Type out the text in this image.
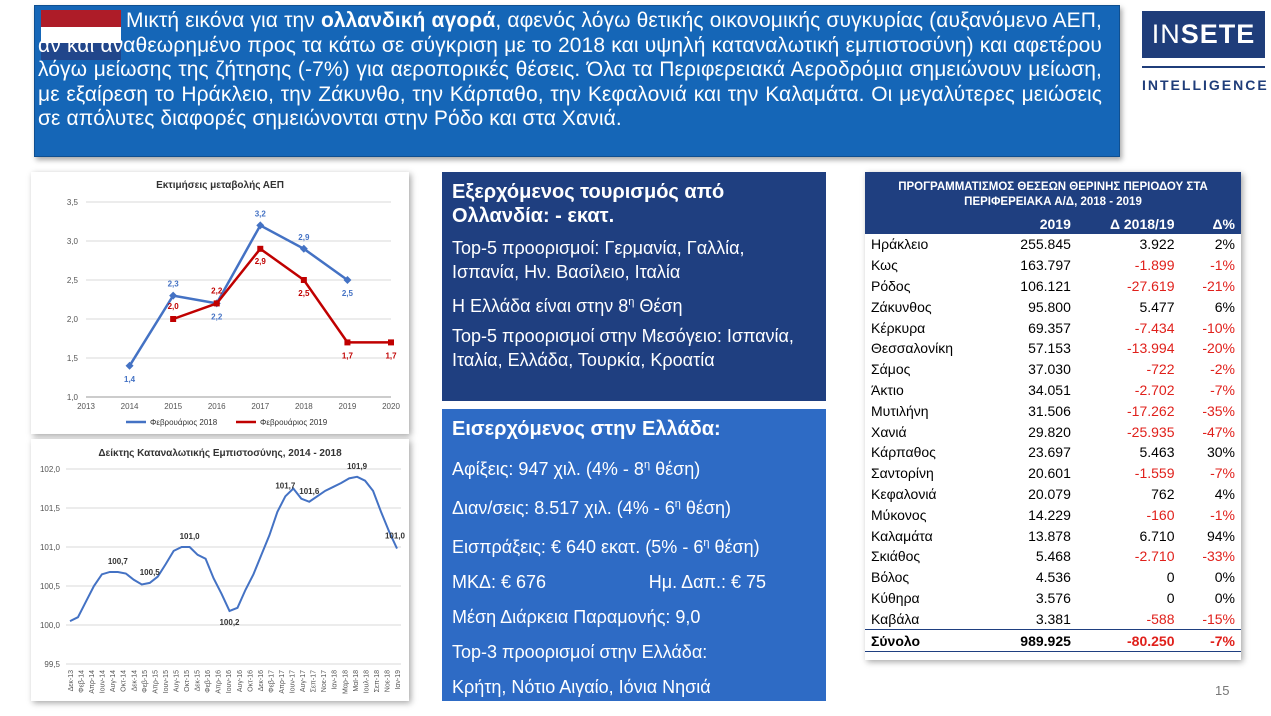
Μικτή εικόνα για την ολλανδική αγορά, αφενός λόγω θετικής οικονομικής συγκυρίας (αυξανόμενο ΑΕΠ, αν και αναθεωρημένο προς τα κάτω σε σύγκριση με το 2018 και υψηλή καταναλωτική εμπιστοσύνη) και αφετέρου λόγω μείωσης της ζήτησης (-7%) για αεροπορικές θέσεις. Όλα τα Περιφερειακά Αεροδρόμια σημειώνουν μείωση, με εξαίρεση το Ηράκλειο, την Ζάκυνθο, την Κάρπαθο, την Κεφαλονιά και την Καλαμάτα. Οι μεγαλύτερες μειώσεις σε απόλυτες διαφορές σημειώνονται στην Ρόδο και στα Χανιά.
IN SETE
INTELLIGENCE
Εκτιμήσεις μεταβολής ΑΕΠ
1,0
1,5
2,0
2,5
3,0
3,5
2013	2014	2015	2016	2017	2018	2019	2020
1,4
2,3
2,2
3,2
2,9
2,5
2,0
2,2
2,9
2,5
1,7	1,7
Φεβρουάριος 2018	Φεβρουάριος 2019
Δείκτης Καταναλωτικής Εμπιστοσύνης, 2014 - 2018
99,5
100,0
100,5
101,0
101,5
102,0
Δεκ-13 Φεβ-14 Απρ-14 Ιουν-14 Αυγ-14 Οκτ-14 Δεκ-14 Φεβ-15 Απρ-15 Ιουν-15 Αυγ-15 Οκτ-15 Δεκ-15 Φεβ-16 Απρ-16 Ιουν-16 Αυγ-16 Οκτ-16 Δεκ-16 Φεβ-17 Απρ-17 Ιουν-17 Αυγ-17 Σεπ-17 Νοε-17 Ιαν-18 Μαρ-18 Μαϊ-18 Ιουλ-18 Σεπ-18 Νοε-18 Ιαν-19
100,7
100,5
101,0
100,2
101,7
101,6
101,9
101,0
Εξερχόμενος τουρισμός από Ολλανδία: - εκατ.
Top-5 προορισμοί: Γερμανία, Γαλλία, Ισπανία, Ην. Βασίλειο, Ιταλία
Η Ελλάδα είναι στην $8^\eta$ Θέση
Top-5 προορισμοί στην Μεσόγειο: Ισπανία, Ιταλία, Ελλάδα, Τουρκία, Κροατία
Εισερχόμενος στην Ελλάδα:
Αφίξεις: 947 χιλ. ($4\% - 8^\eta$ θέση)
Διαν/σεις: 8.517 χιλ. ($4\% - 6^\eta$ θέση)
Εισπράξεις: € 640 εκατ. ($5\% - 6^\eta$ θέση)
ΜΚΔ: € 676	Ημ. Δαπ.: € 75
Μέση Διάρκεια Παραμονής: 9,0
Top-3 προορισμοί στην Ελλάδα:
Κρήτη, Νότιο Αιγαίο, Ιόνια Νησιά
ΠΡΟΓΡΑΜΜΑΤΙΣΜΟΣ ΘΕΣΕΩΝ ΘΕΡΙΝΗΣ ΠΕΡΙΟΔΟΥ ΣΤΑ ΠΕΡΙΦΕΡΕΙΑΚΑ Α/Δ, 2018 - 2019
	2019	Δ 2018/19	Δ%
Ηράκλειο	255.845	3.922	2%
Κως	163.797	-1.899	-1%
Ρόδος	106.121	-27.619	-21%
Ζάκυνθος	95.800	5.477	6%
Κέρκυρα	69.357	-7.434	-10%
Θεσσαλονίκη	57.153	-13.994	-20%
Σάμος	37.030	-722	-2%
Άκτιο	34.051	-2.702	-7%
Μυτιλήνη	31.506	-17.262	-35%
Χανιά	29.820	-25.935	-47%
Κάρπαθος	23.697	5.463	30%
Σαντορίνη	20.601	-1.559	-7%
Κεφαλονιά	20.079	762	4%
Μύκονος	14.229	-160	-1%
Καλαμάτα	13.878	6.710	94%
Σκιάθος	5.468	-2.710	-33%
Βόλος	4.536	0	0%
Κύθηρα	3.576	0	0%
Καβάλα	3.381	-588	-15%
Σύνολο	989.925	-80.250	-7%
15
